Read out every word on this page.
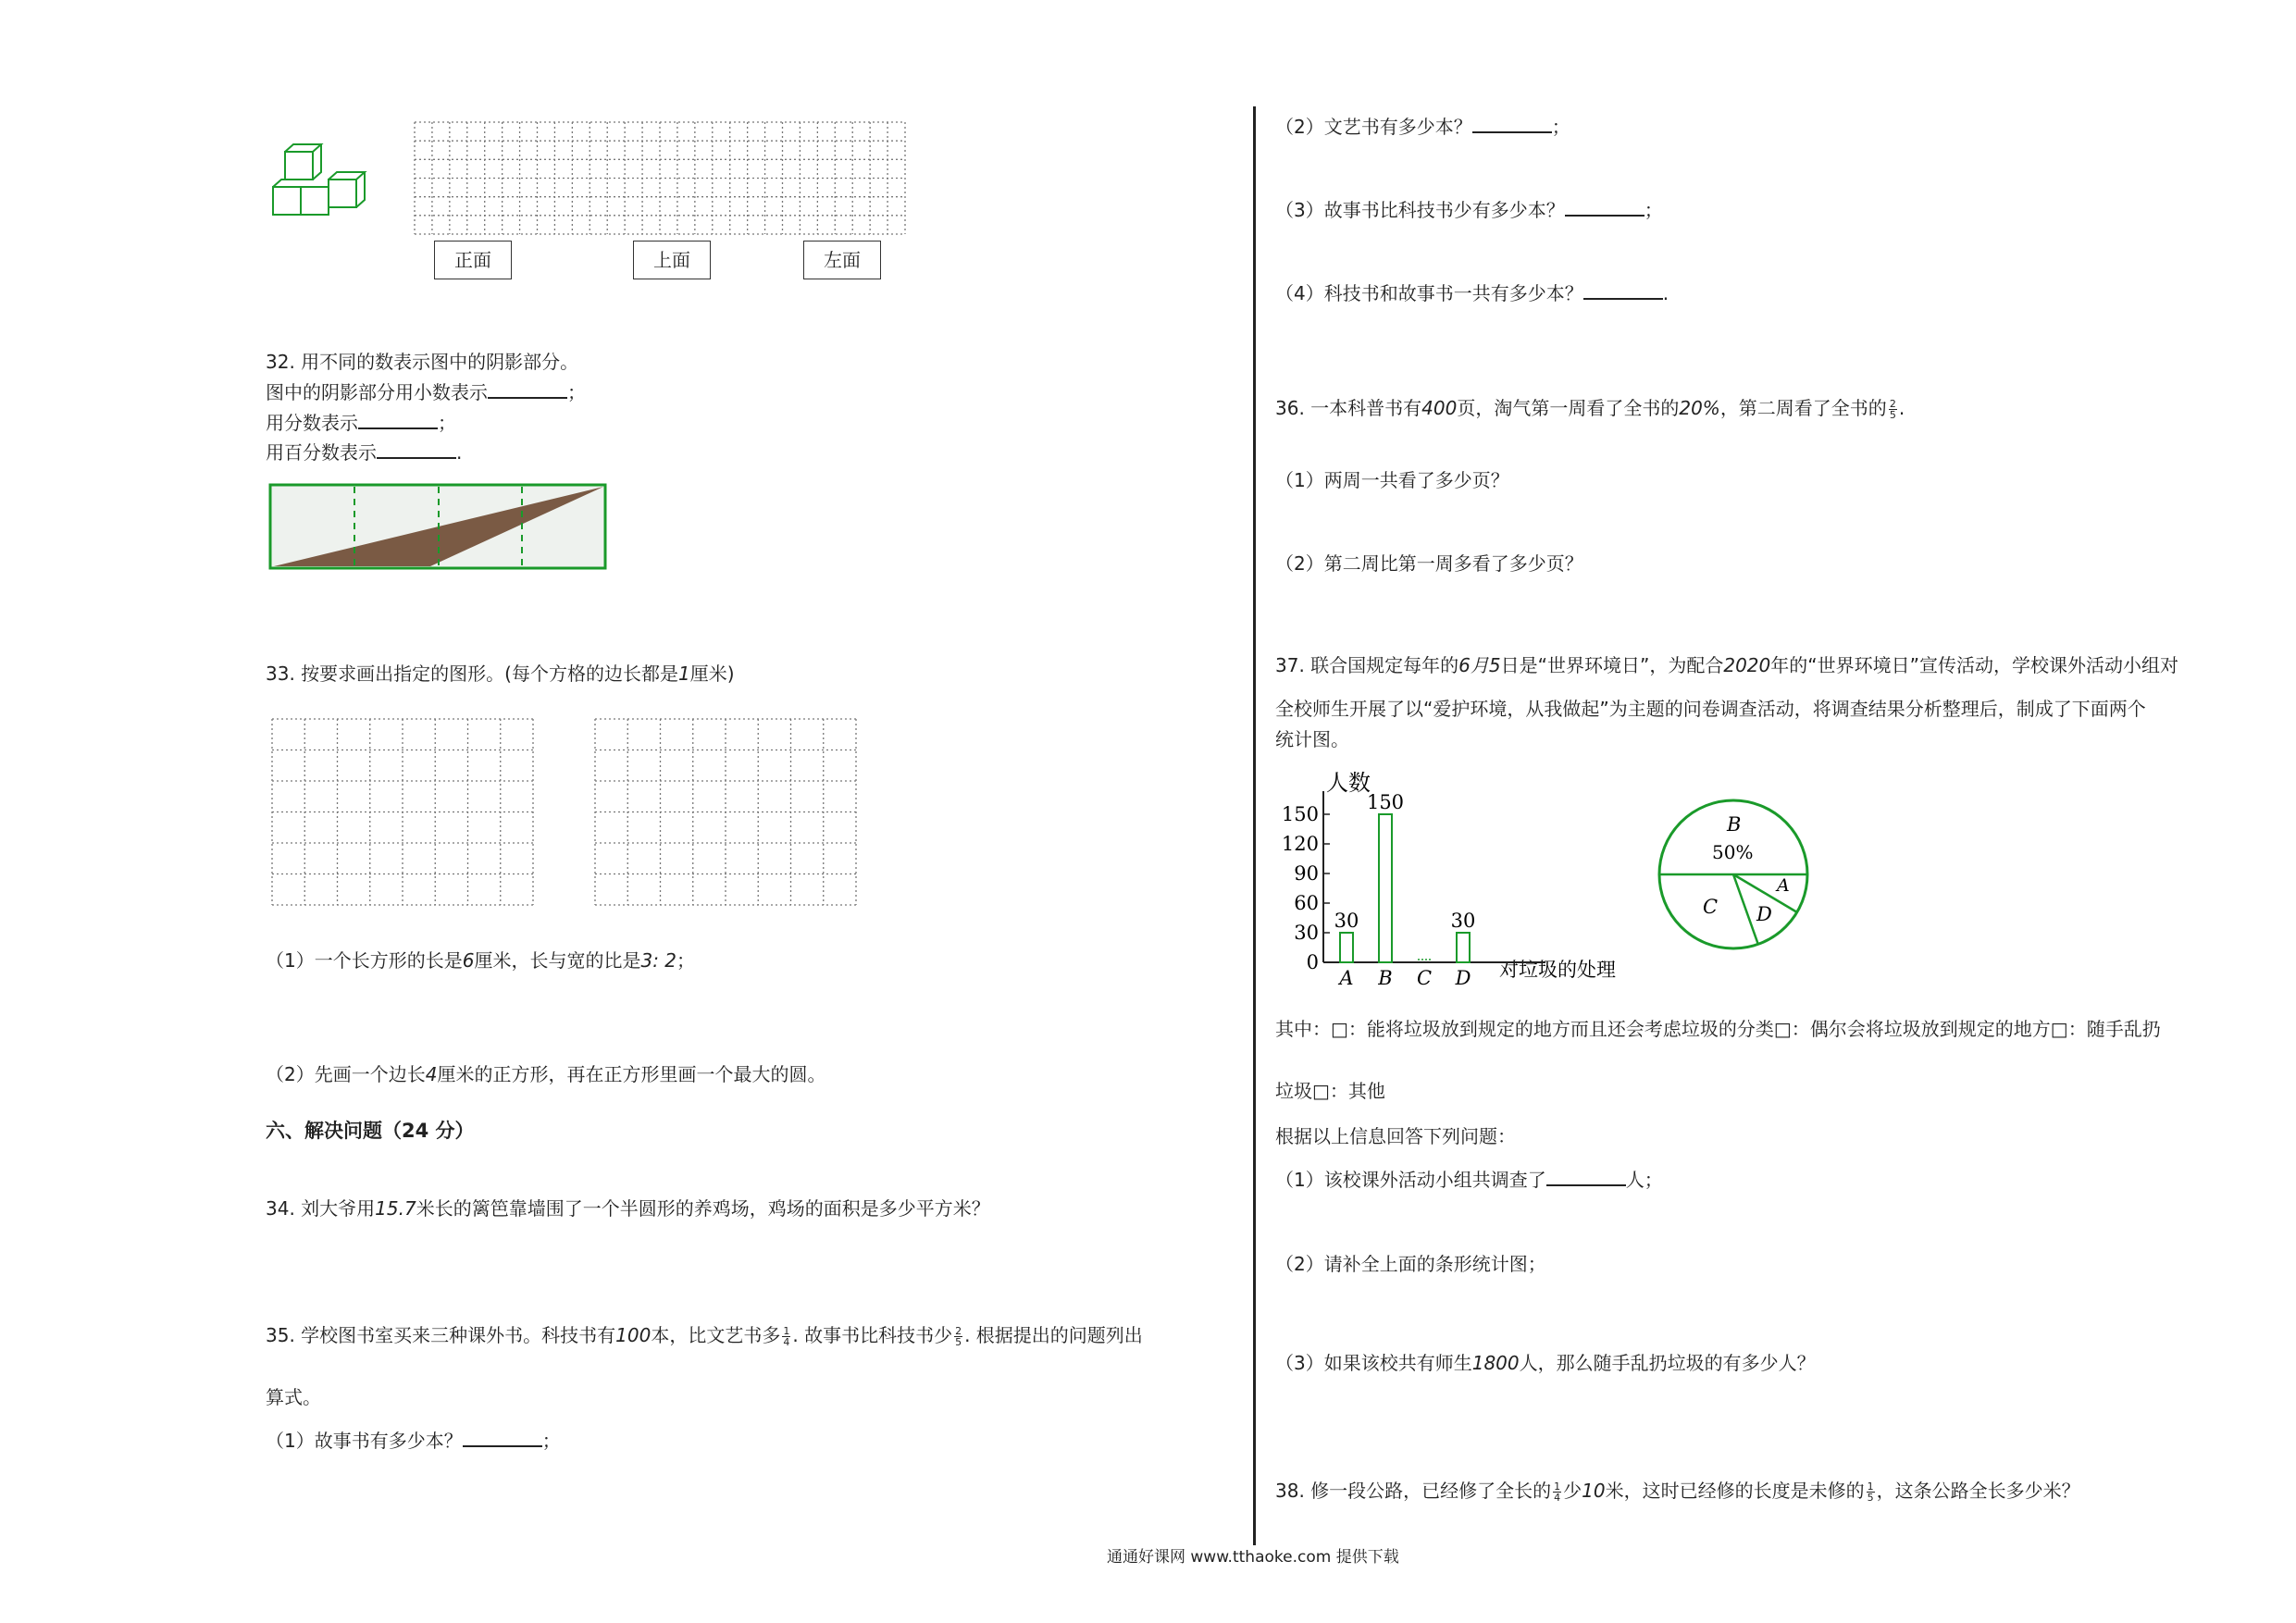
正面	上面	左面
32. 用不同的数表示图中的阴影部分。
图中的阴影部分用小数表示	；
用分数表示	；
用百分数表示	.
33. 按要求画出指定的图形。(每个方格的边长都是1厘米)
（1）一个长方形的长是6厘米，长与宽的比是3: 2；
（2）先画一个边长4厘米的正方形，再在正方形里画一个最大的圆。
六、解决问题（24 分）
34. 刘大爷用15.7米长的篱笆靠墙围了一个半圆形的养鸡场，鸡场的面积是多少平方米？
35. 学校图书室买来三种课外书。科技书有100本，比文艺书多 $\frac{1}{4}$ . 故事书比科技书少 $\frac{2}{5}$ . 根据提出的问题列出
算式。
（1）故事书有多少本？	；
（2）文艺书有多少本？	；
（3）故事书比科技书少有多少本？	；
（4）科技书和故事书一共有多少本？	.
36. 一本科普书有400页，淘气第一周看了全书的20%，第二周看了全书的 $\frac{2}{5}$ .
（1）两周一共看了多少页？
（2）第二周比第一周多看了多少页？
37. 联合国规定每年的6月5日是“世界环境日”，为配合2020年的“世界环境日”宣传活动，学校课外活动小组对
全校师生开展了以“爱护环境，从我做起”为主题的问卷调查活动，将调查结果分析整理后，制成了下面两个
统计图。
人数
对垃圾的处理
0
30
60
90
120
150
30
A
150
B C
30
D
B
50%
C D
A
其中：□：能将垃圾放到规定的地方而且还会考虑垃圾的分类□：偶尔会将垃圾放到规定的地方□：随手乱扔
垃圾□：其他
根据以上信息回答下列问题：
（1）该校课外活动小组共调查了	人；
（2）请补全上面的条形统计图；
（3）如果该校共有师生1800人，那么随手乱扔垃圾的有多少人？
38. 修一段公路，已经修了全长的 $\frac{1}{4}$ 少10米，这时已经修的长度是未修的 $\frac{1}{5}$ ，这条公路全长多少米？
通通好课网 www.tthaoke.com 提供下载
